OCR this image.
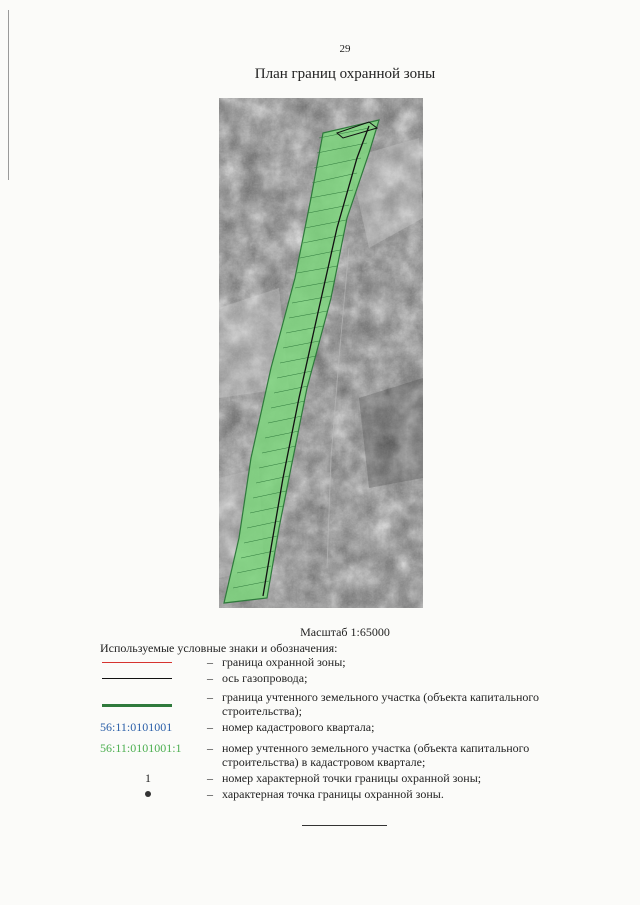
29
План границ охранной зоны
Масштаб 1:65000
Используемые условные знаки и обозначения:
– граница охранной зоны;
– ось газопровода;
– граница учтенного земельного участка (объекта капитального строительства);
56:11:0101001	– номер кадастрового квартала;
56:11:0101001:1	– номер учтенного земельного участка (объекта капитального строительства) в кадастровом квартале;
1	– номер характерной точки границы охранной зоны;
– характерная точка границы охранной зоны.
